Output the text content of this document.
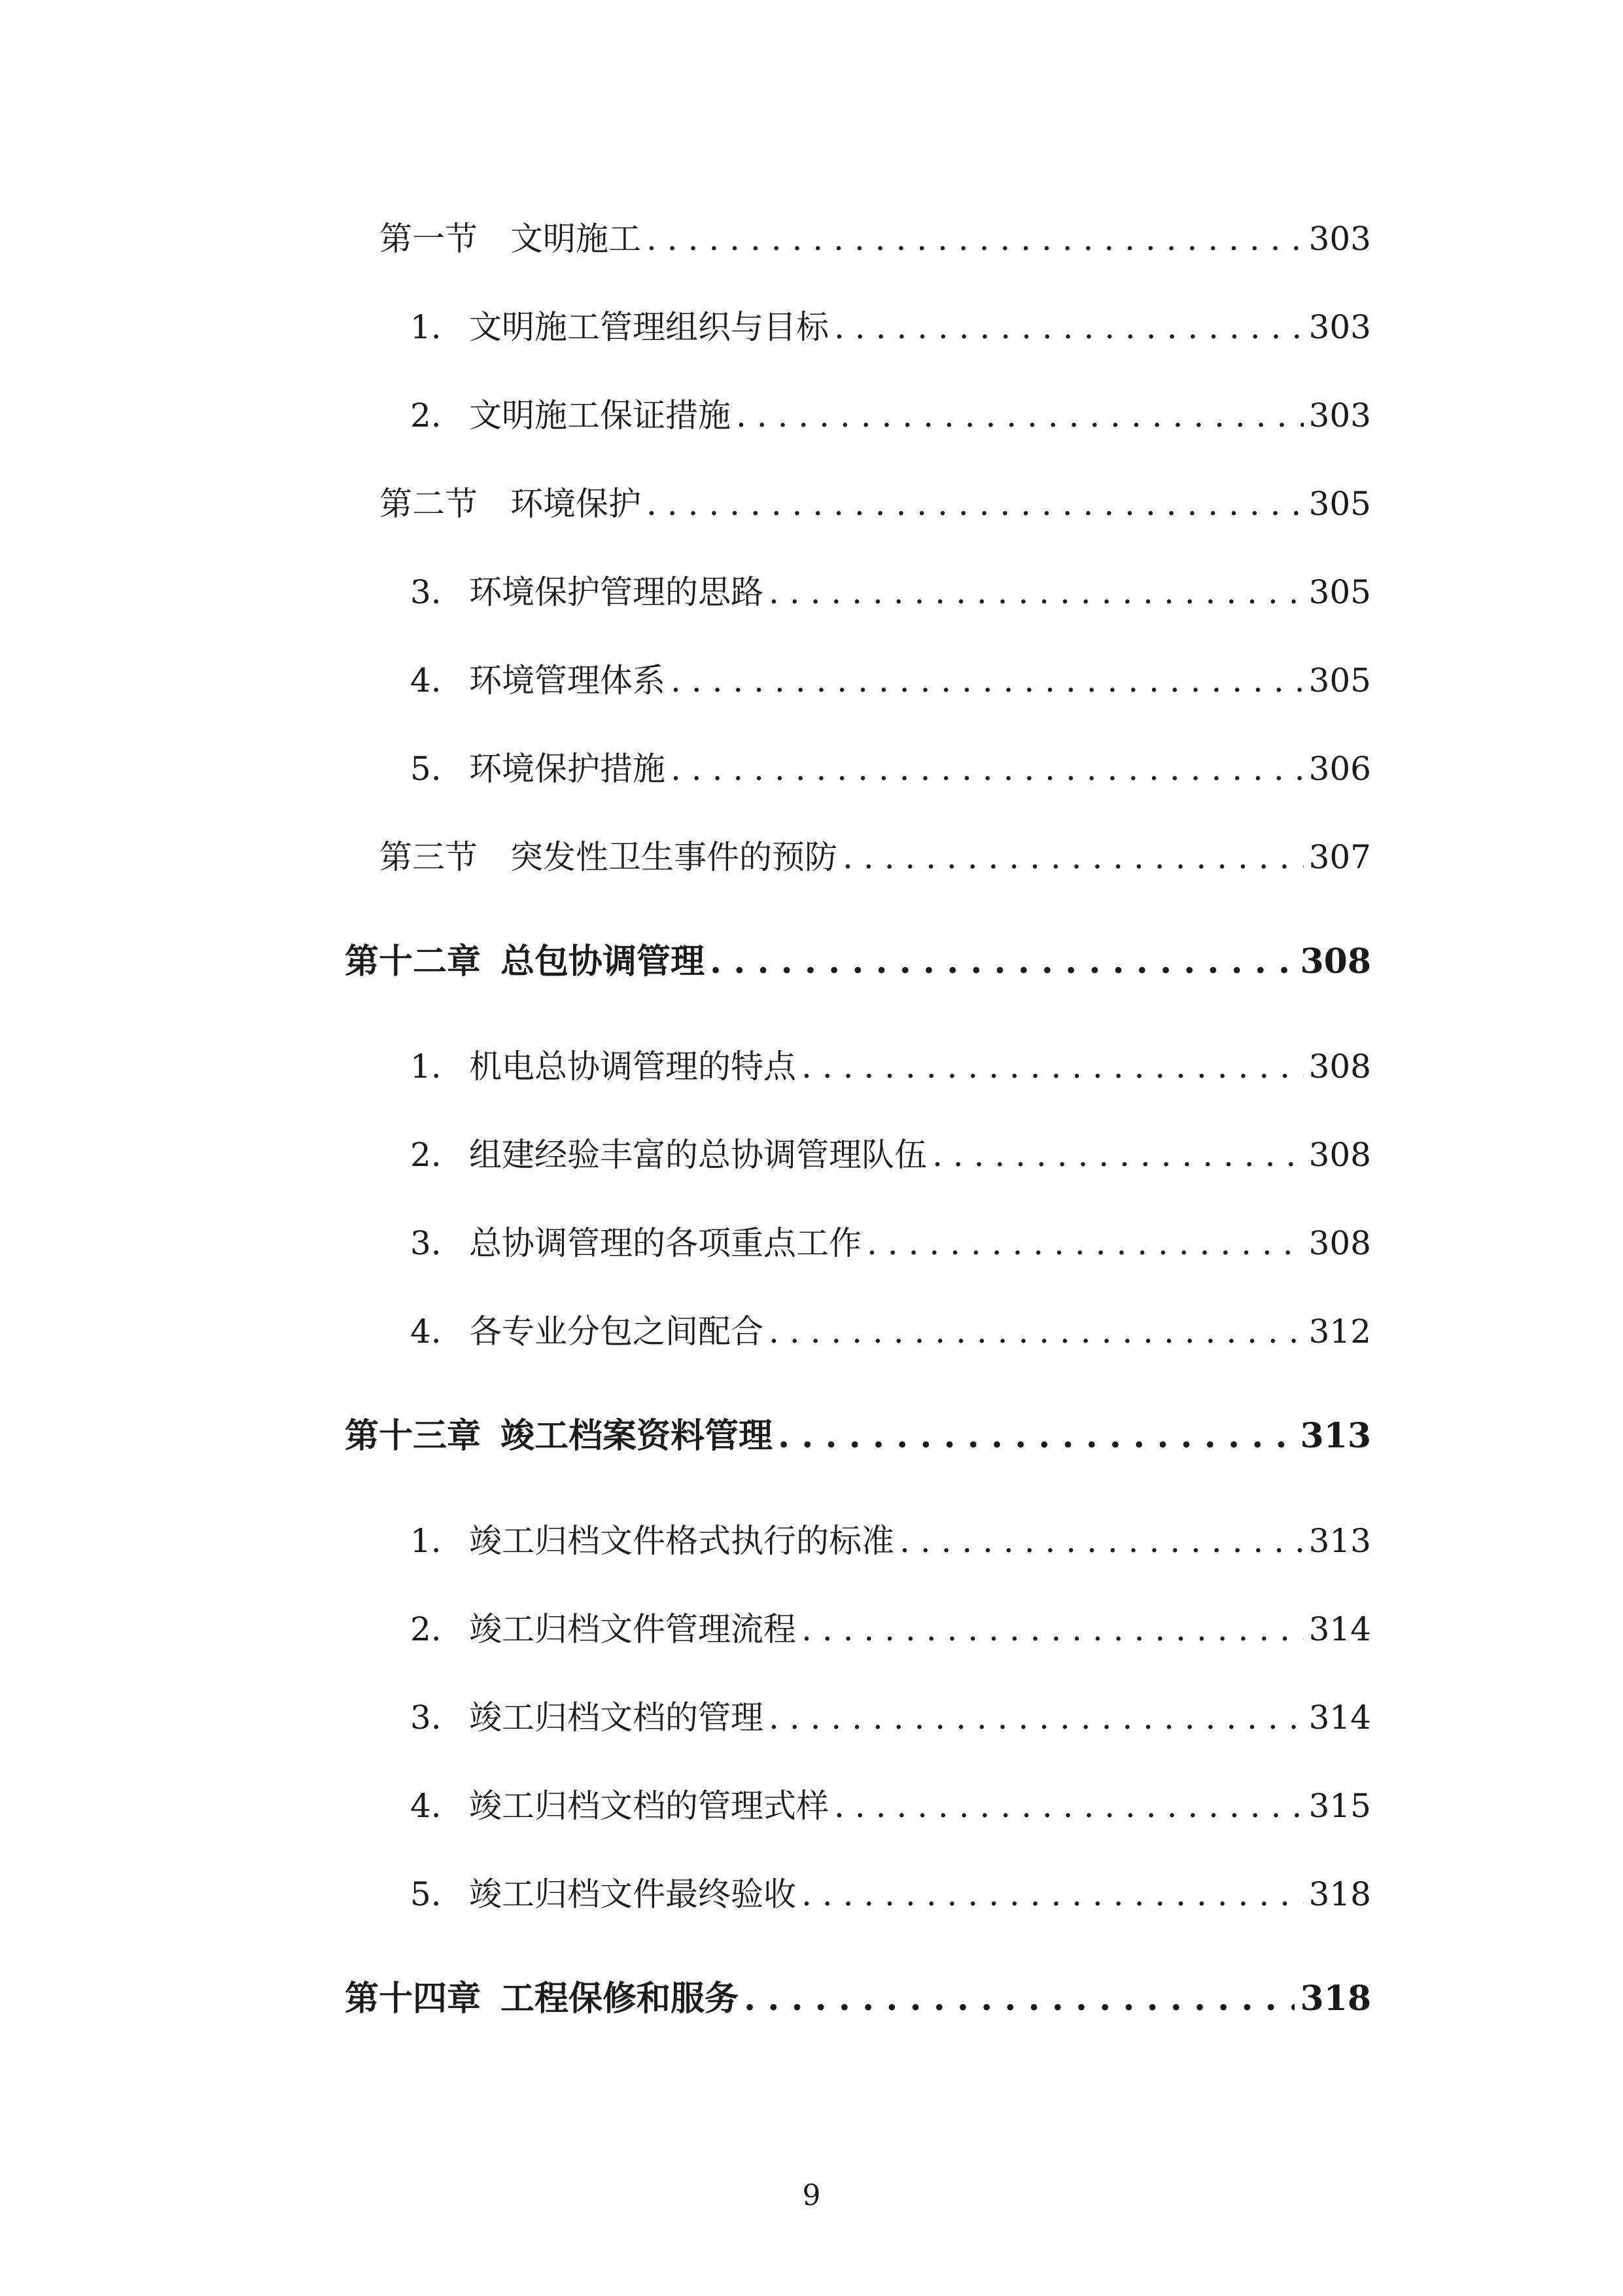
第一节 文明施工 . . .	303
1. 文明施工管理组织与目标 . . .	303
2. 文明施工保证措施 . . .	303
第二节 环境保护 . . .	305
3. 环境保护管理的思路 . . .	305
4. 环境管理体系 . . .	305
5. 环境保护措施 . . .	306
第三节 突发性卫生事件的预防 . . .	307
第十二章 总包协调管理 . . .	308
1. 机电总协调管理的特点 . . .	308
2. 组建经验丰富的总协调管理队伍 . . .	308
3. 总协调管理的各项重点工作 . . .	308
4. 各专业分包之间配合 . . .	312
第十三章 竣工档案资料管理 . . .	313
1. 竣工归档文件格式执行的标准 . . .	313
2. 竣工归档文件管理流程 . . .	314
3. 竣工归档文档的管理 . . .	314
4. 竣工归档文档的管理式样 . . .	315
5. 竣工归档文件最终验收 . . .	318
第十四章 工程保修和服务 . . .	318
9
